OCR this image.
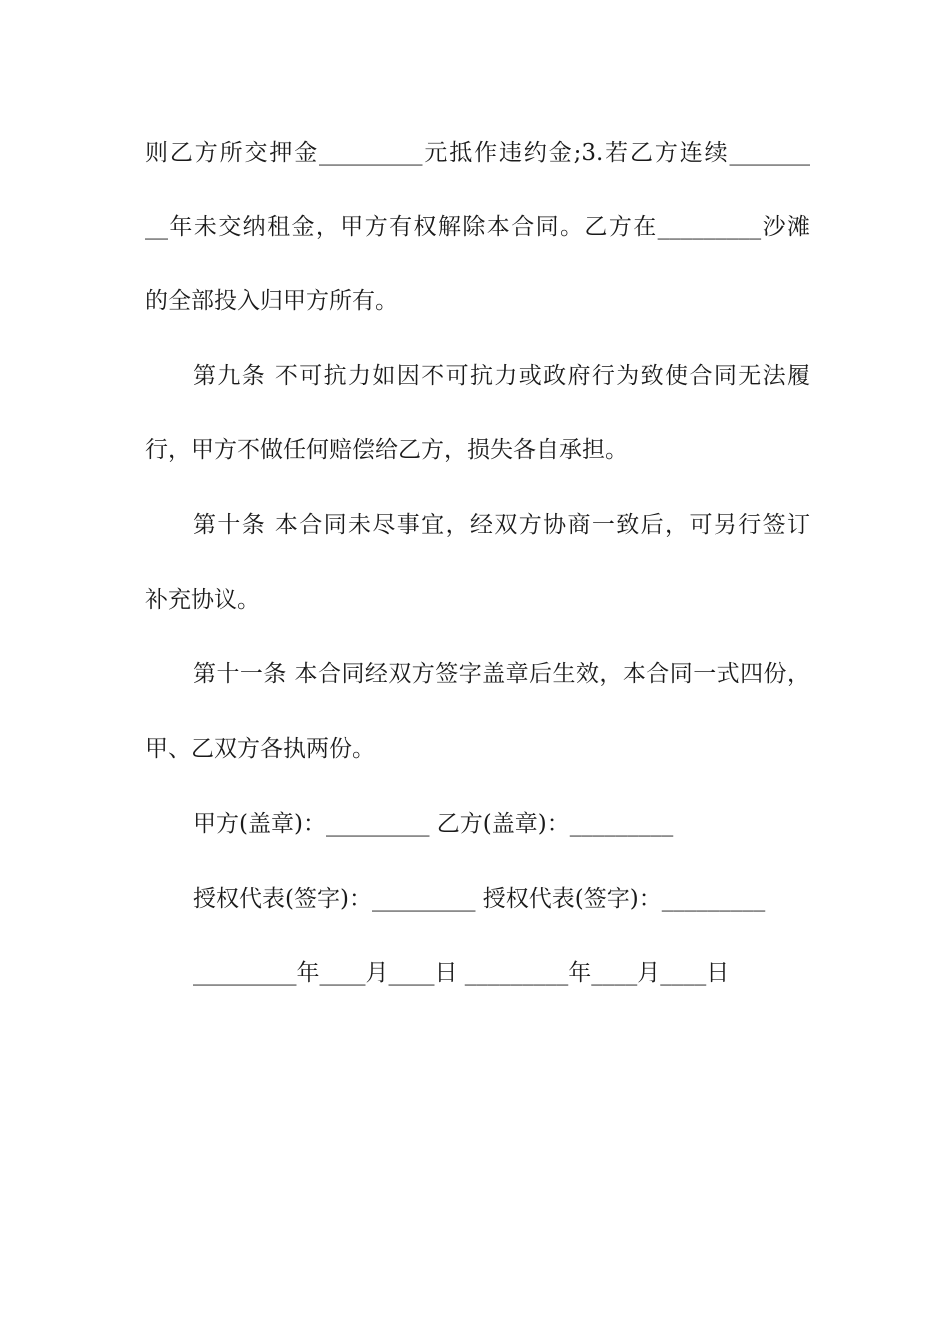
则乙方所交押金_________元抵作违约金;3.若乙方连续_______
__年未交纳租金，甲方有权解除本合同。乙方在_________沙滩
的全部投入归甲方所有。
第九条 不可抗力如因不可抗力或政府行为致使合同无法履
行，甲方不做任何赔偿给乙方，损失各自承担。
第十条 本合同未尽事宜，经双方协商一致后，可另行签订
补充协议。
第十一条 本合同经双方签字盖章后生效，本合同一式四份，
甲、乙双方各执两份。
甲方(盖章)：_________ 乙方(盖章)：_________
授权代表(签字)：_________ 授权代表(签字)：_________
_________年____月____日 _________年____月____日
